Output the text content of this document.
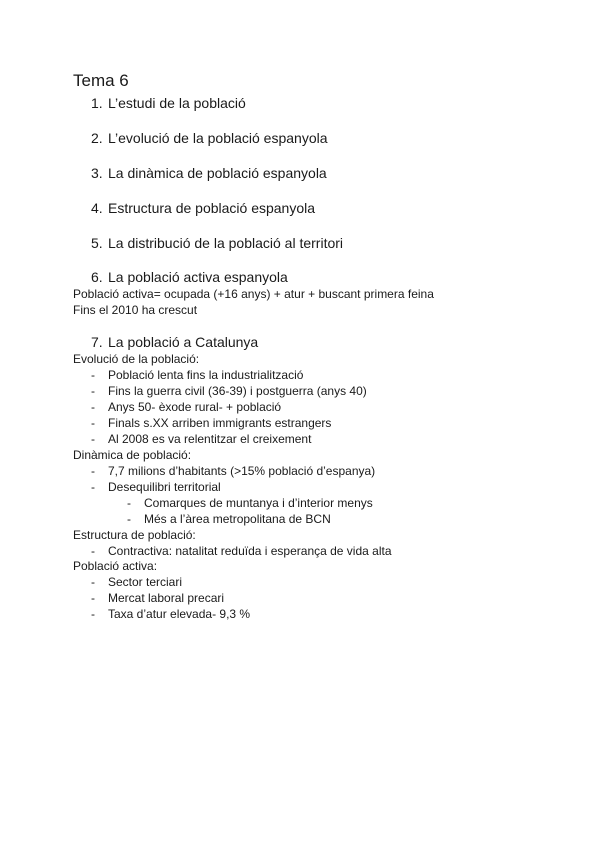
Tema 6
1. L’estudi de la població
2. L’evolució de la població espanyola
3. La dinàmica de població espanyola
4. Estructura de població espanyola
5. La distribució de la població al territori
6. La població activa espanyola
Població activa= ocupada (+16 anys) + atur + buscant primera feina
Fins el 2010 ha crescut
7. La població a Catalunya
Evolució de la població:
- Població lenta fins la industrialització
- Fins la guerra civil (36-39) i postguerra (anys 40)
- Anys 50- èxode rural- + població
- Finals s.XX arriben immigrants estrangers
- Al 2008 es va relentitzar el creixement
Dinàmica de població:
- 7,7 milions d’habitants (>15% població d’espanya)
- Desequilibri territorial
- Comarques de muntanya i d’interior menys
- Més a l’àrea metropolitana de BCN
Estructura de població:
- Contractiva: natalitat reduïda i esperança de vida alta
Població activa:
- Sector terciari
- Mercat laboral precari
- Taxa d’atur elevada- 9,3 %
